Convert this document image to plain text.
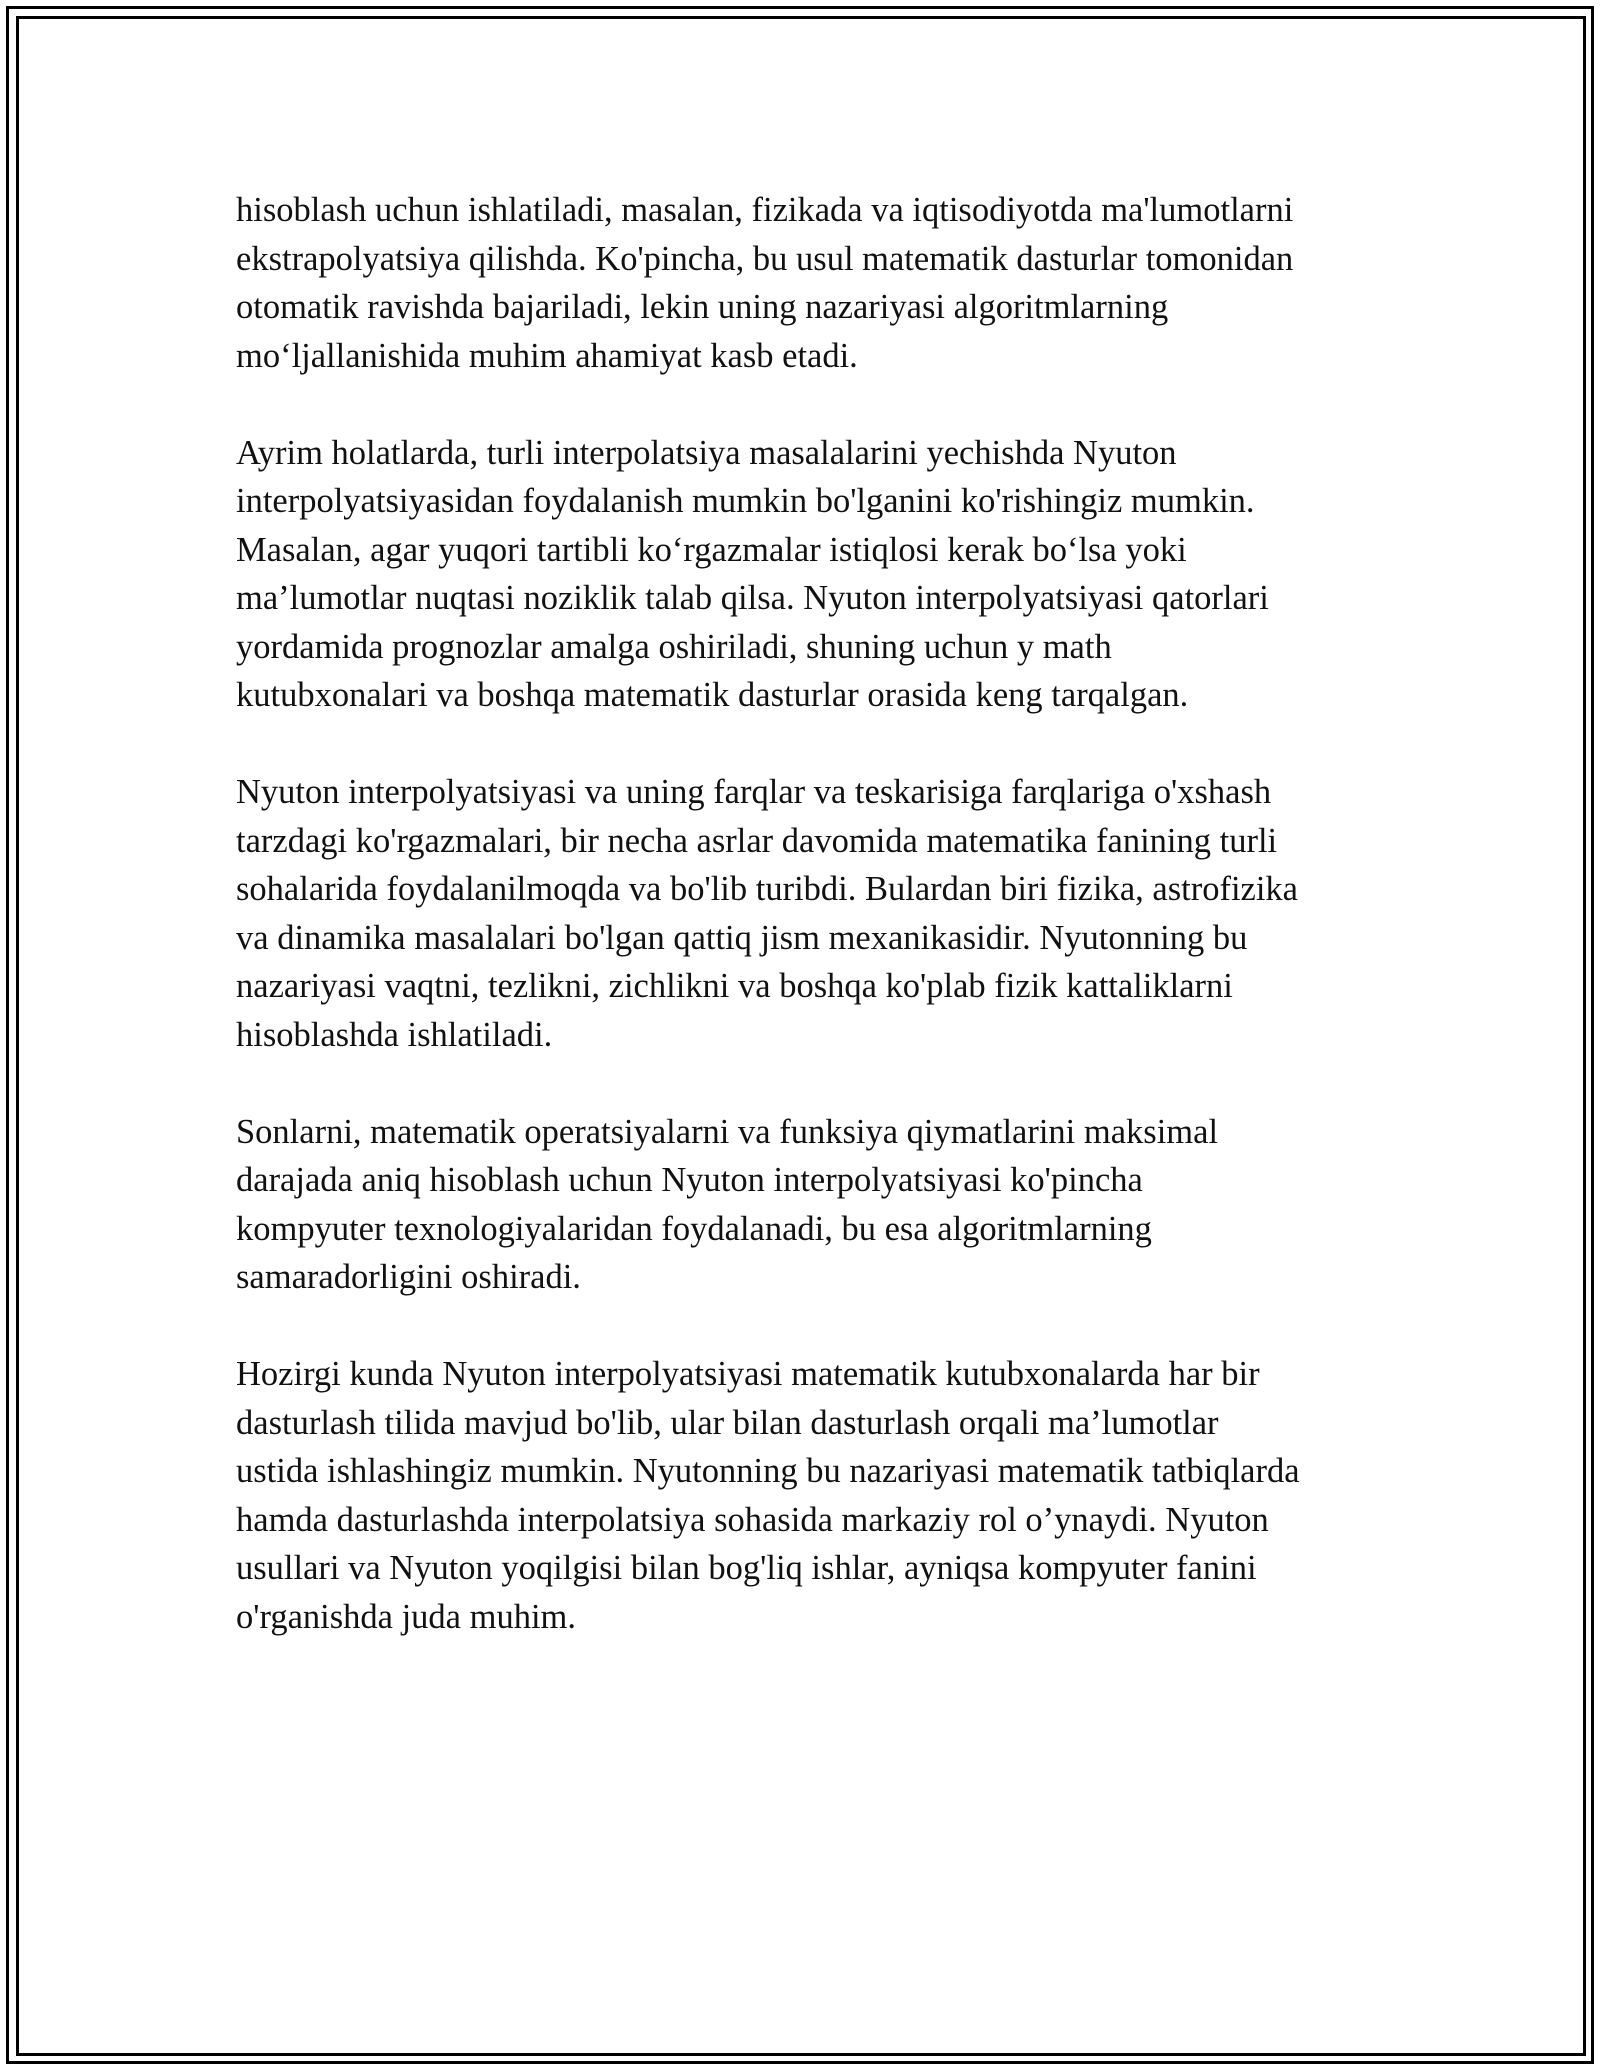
hisoblash uchun ishlatiladi, masalan, fizikada va iqtisodiyotda ma'lumotlarni
ekstrapolyatsiya qilishda. Ko'pincha, bu usul matematik dasturlar tomonidan
otomatik ravishda bajariladi, lekin uning nazariyasi algoritmlarning
mo‘ljallanishida muhim ahamiyat kasb etadi.

Ayrim holatlarda, turli interpolatsiya masalalarini yechishda Nyuton
interpolyatsiyasidan foydalanish mumkin bo'lganini ko'rishingiz mumkin.
Masalan, agar yuqori tartibli ko‘rgazmalar istiqlosi kerak bo‘lsa yoki
ma’lumotlar nuqtasi noziklik talab qilsa. Nyuton interpolyatsiyasi qatorlari
yordamida prognozlar amalga oshiriladi, shuning uchun y math
kutubxonalari va boshqa matematik dasturlar orasida keng tarqalgan.

Nyuton interpolyatsiyasi va uning farqlar va teskarisiga farqlariga o'xshash
tarzdagi ko'rgazmalari, bir necha asrlar davomida matematika fanining turli
sohalarida foydalanilmoqda va bo'lib turibdi. Bulardan biri fizika, astrofizika
va dinamika masalalari bo'lgan qattiq jism mexanikasidir. Nyutonning bu
nazariyasi vaqtni, tezlikni, zichlikni va boshqa ko'plab fizik kattaliklarni
hisoblashda ishlatiladi.

Sonlarni, matematik operatsiyalarni va funksiya qiymatlarini maksimal
darajada aniq hisoblash uchun Nyuton interpolyatsiyasi ko'pincha
kompyuter texnologiyalaridan foydalanadi, bu esa algoritmlarning
samaradorligini oshiradi.

Hozirgi kunda Nyuton interpolyatsiyasi matematik kutubxonalarda har bir
dasturlash tilida mavjud bo'lib, ular bilan dasturlash orqali ma’lumotlar
ustida ishlashingiz mumkin. Nyutonning bu nazariyasi matematik tatbiqlarda
hamda dasturlashda interpolatsiya sohasida markaziy rol o’ynaydi. Nyuton
usullari va Nyuton yoqilgisi bilan bog'liq ishlar, ayniqsa kompyuter fanini
o'rganishda juda muhim.
